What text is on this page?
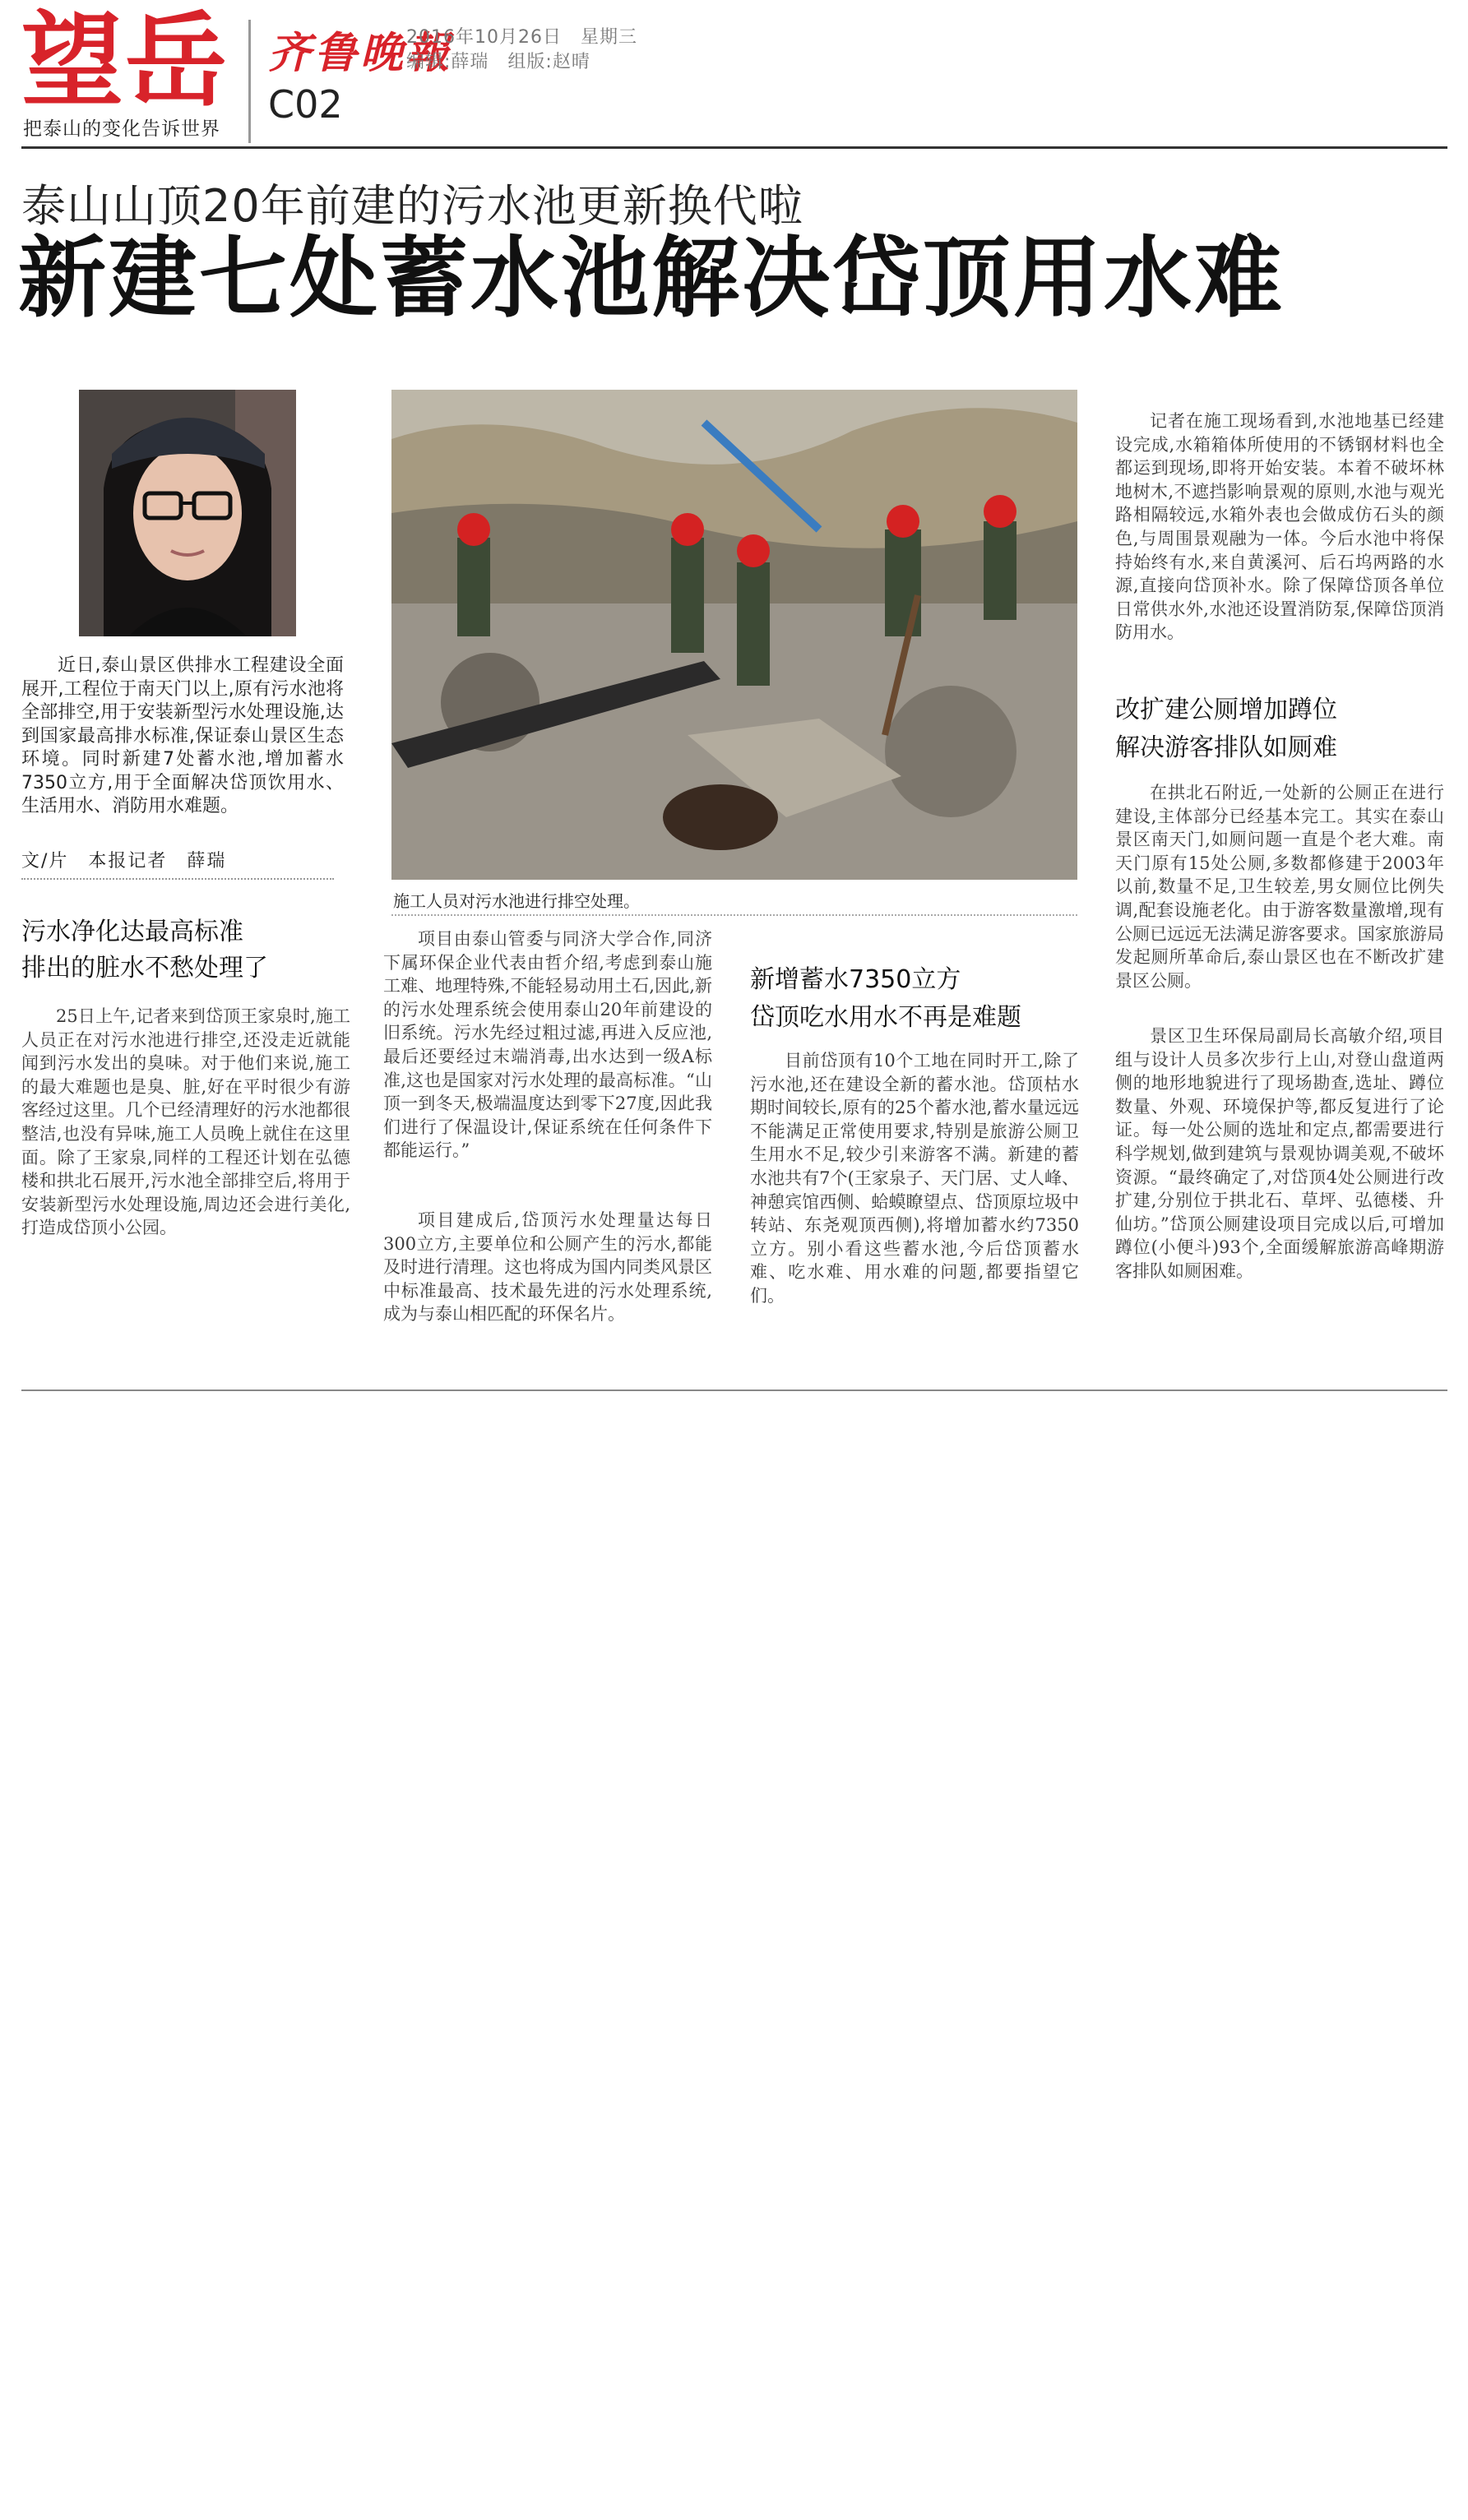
望岳
把泰山的变化告诉世界
齐鲁晚報
2016年10月26日　星期三
编辑:薛瑞　组版:赵晴
C02
泰山山顶20年前建的污水池更新换代啦
新建七处蓄水池解决岱顶用水难
近日,泰山景区供排水工程建设全面展开,工程位于南天门以上,原有污水池将全部排空,用于安装新型污水处理设施,达到国家最高排水标准,保证泰山景区生态环境。同时新建7处蓄水池,增加蓄水7350立方,用于全面解决岱顶饮用水、生活用水、消防用水难题。
文/片　本报记者　薛瑞
施工人员对污水池进行排空处理。
污水净化达最高标准
排出的脏水不愁处理了
25日上午,记者来到岱顶王家泉时,施工人员正在对污水池进行排空,还没走近就能闻到污水发出的臭味。对于他们来说,施工的最大难题也是臭、脏,好在平时很少有游客经过这里。几个已经清理好的污水池都很整洁,也没有异味,施工人员晚上就住在这里面。除了王家泉,同样的工程还计划在弘德楼和拱北石展开,污水池全部排空后,将用于安装新型污水处理设施,周边还会进行美化,打造成岱顶小公园。
项目由泰山管委与同济大学合作,同济下属环保企业代表由哲介绍,考虑到泰山施工难、地理特殊,不能轻易动用土石,因此,新的污水处理系统会使用泰山20年前建设的旧系统。污水先经过粗过滤,再进入反应池,最后还要经过末端消毒,出水达到一级A标准,这也是国家对污水处理的最高标准。“山顶一到冬天,极端温度达到零下27度,因此我们进行了保温设计,保证系统在任何条件下都能运行。”
项目建成后,岱顶污水处理量达每日300立方,主要单位和公厕产生的污水,都能及时进行清理。这也将成为国内同类风景区中标准最高、技术最先进的污水处理系统,成为与泰山相匹配的环保名片。
新增蓄水7350立方
岱顶吃水用水不再是难题
目前岱顶有10个工地在同时开工,除了污水池,还在建设全新的蓄水池。岱顶枯水期时间较长,原有的25个蓄水池,蓄水量远远不能满足正常使用要求,特别是旅游公厕卫生用水不足,较少引来游客不满。新建的蓄水池共有7个(王家泉子、天门居、丈人峰、神憩宾馆西侧、蛤蟆瞭望点、岱顶原垃圾中转站、东尧观顶西侧),将增加蓄水约7350立方。别小看这些蓄水池,今后岱顶蓄水难、吃水难、用水难的问题,都要指望它们。
记者在施工现场看到,水池地基已经建设完成,水箱箱体所使用的不锈钢材料也全都运到现场,即将开始安装。本着不破坏林地树木,不遮挡影响景观的原则,水池与观光路相隔较远,水箱外表也会做成仿石头的颜色,与周围景观融为一体。今后水池中将保持始终有水,来自黄溪河、后石坞两路的水源,直接向岱顶补水。除了保障岱顶各单位日常供水外,水池还设置消防泵,保障岱顶消防用水。
改扩建公厕增加蹲位
解决游客排队如厕难
在拱北石附近,一处新的公厕正在进行建设,主体部分已经基本完工。其实在泰山景区南天门,如厕问题一直是个老大难。南天门原有15处公厕,多数都修建于2003年以前,数量不足,卫生较差,男女厕位比例失调,配套设施老化。由于游客数量激增,现有公厕已远远无法满足游客要求。国家旅游局发起厕所革命后,泰山景区也在不断改扩建景区公厕。
景区卫生环保局副局长高敏介绍,项目组与设计人员多次步行上山,对登山盘道两侧的地形地貌进行了现场勘查,选址、蹲位数量、外观、环境保护等,都反复进行了论证。每一处公厕的选址和定点,都需要进行科学规划,做到建筑与景观协调美观,不破坏资源。“最终确定了,对岱顶4处公厕进行改扩建,分别位于拱北石、草坪、弘德楼、升仙坊。”岱顶公厕建设项目完成以后,可增加蹲位(小便斗)93个,全面缓解旅游高峰期游客排队如厕困难。
